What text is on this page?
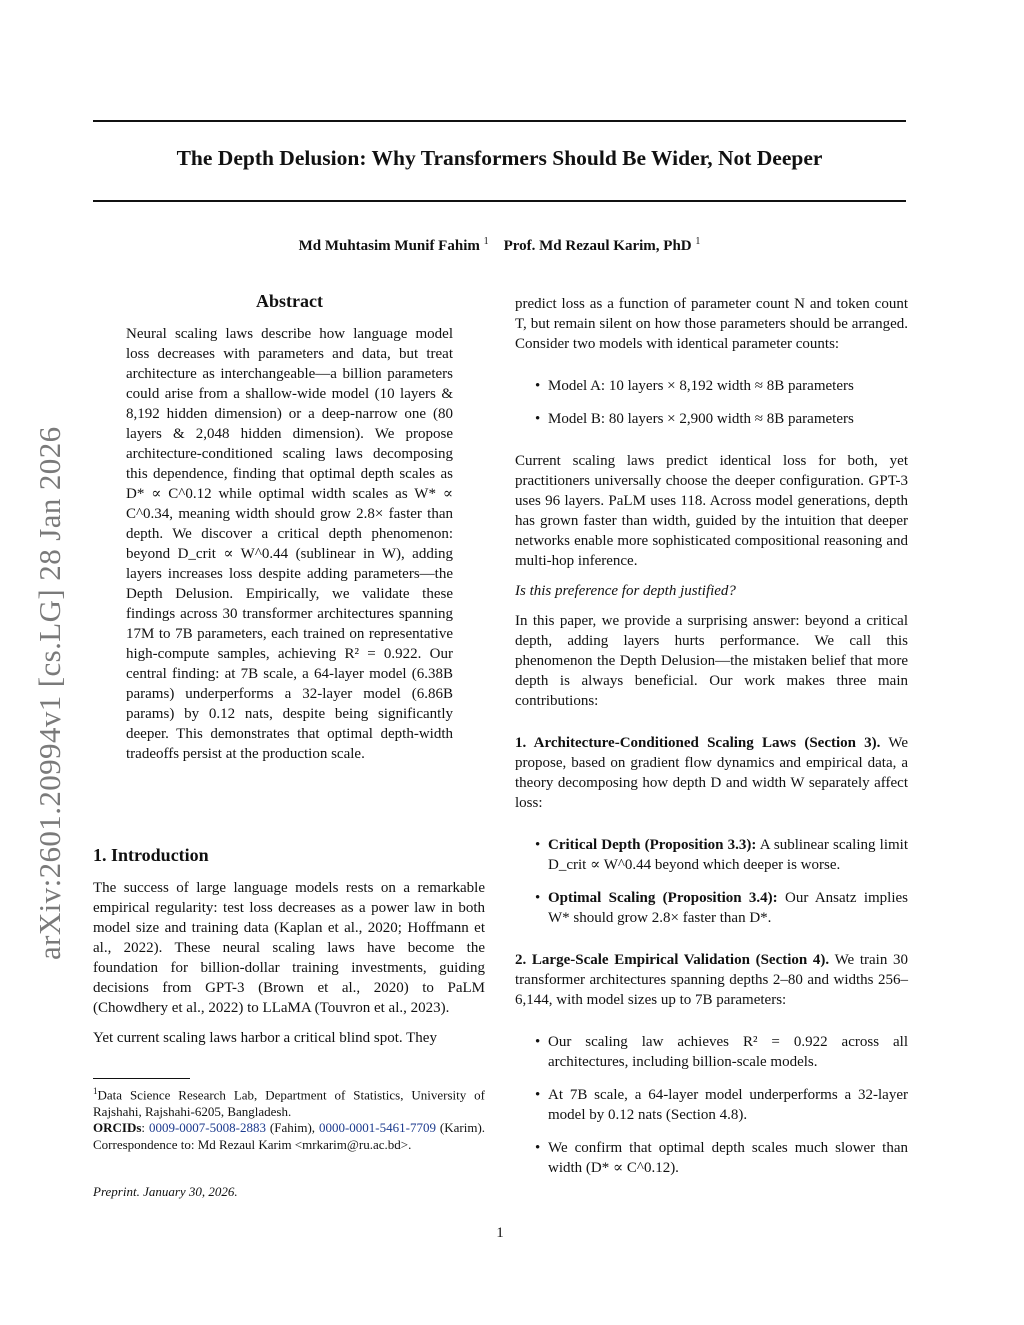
arXiv:2601.20994v1 [cs.LG] 28 Jan 2026
The Depth Delusion: Why Transformers Should Be Wider, Not Deeper
Md Muhtasim Munif Fahim $^1$ Prof. Md Rezaul Karim, PhD $^1$
Abstract
Neural scaling laws describe how language model loss decreases with parameters and data, but treat architecture as interchangeable—a billion parameters could arise from a shallow-wide model (10 layers & 8,192 hidden dimension) or a deep-narrow one (80 layers & 2,048 hidden dimension). We propose architecture-conditioned scaling laws decomposing this dependence, finding that optimal depth scales as D* ∝ C^0.12 while optimal width scales as W* ∝ C^0.34, meaning width should grow 2.8× faster than depth. We discover a critical depth phenomenon: beyond D_crit ∝ W^0.44 (sublinear in W), adding layers increases loss despite adding parameters—the Depth Delusion. Empirically, we validate these findings across 30 transformer architectures spanning 17M to 7B parameters, each trained on representative high-compute samples, achieving R² = 0.922. Our central finding: at 7B scale, a 64-layer model (6.38B params) underperforms a 32-layer model (6.86B params) by 0.12 nats, despite being significantly deeper. This demonstrates that optimal depth-width tradeoffs persist at the production scale.
1. Introduction

The success of large language models rests on a remarkable empirical regularity: test loss decreases as a power law in both model size and training data (Kaplan et al., 2020; Hoffmann et al., 2022). These neural scaling laws have become the foundation for billion-dollar training investments, guiding decisions from GPT-3 (Brown et al., 2020) to PaLM (Chowdhery et al., 2022) to LLaMA (Touvron et al., 2023).

Yet current scaling laws harbor a critical blind spot. They

$^1$Data Science Research Lab, Department of Statistics, University of Rajshahi, Rajshahi-6205, Bangladesh.
ORCIDs: 0009-0007-5008-2883 (Fahim), 0000-0001-5461-7709 (Karim). Correspondence to: Md Rezaul Karim <mrkarim@ru.ac.bd>.
Preprint. January 30, 2026.
1

predict loss as a function of parameter count N and token count T, but remain silent on how those parameters should be arranged. Consider two models with identical parameter counts:

• Model A: 10 layers × 8,192 width ≈ 8B parameters
• Model B: 80 layers × 2,900 width ≈ 8B parameters

Current scaling laws predict identical loss for both, yet practitioners universally choose the deeper configuration. GPT-3 uses 96 layers. PaLM uses 118. Across model generations, depth has grown faster than width, guided by the intuition that deeper networks enable more sophisticated compositional reasoning and multi-hop inference.

Is this preference for depth justified?

In this paper, we provide a surprising answer: beyond a critical depth, adding layers hurts performance. We call this phenomenon the Depth Delusion—the mistaken belief that more depth is always beneficial. Our work makes three main contributions:

1. Architecture-Conditioned Scaling Laws (Section 3). We propose, based on gradient flow dynamics and empirical data, a theory decomposing how depth D and width W separately affect loss:

• Critical Depth (Proposition 3.3): A sublinear scaling limit D_crit ∝ W^0.44 beyond which deeper is worse.
• Optimal Scaling (Proposition 3.4): Our Ansatz implies W* should grow 2.8× faster than D*.

2. Large-Scale Empirical Validation (Section 4). We train 30 transformer architectures spanning depths 2–80 and widths 256–6,144, with model sizes up to 7B parameters:

• Our scaling law achieves R² = 0.922 across all architectures, including billion-scale models.
• At 7B scale, a 64-layer model underperforms a 32-layer model by 0.12 nats (Section 4.8).
• We confirm that optimal depth scales much slower than width (D* ∝ C^0.12).
